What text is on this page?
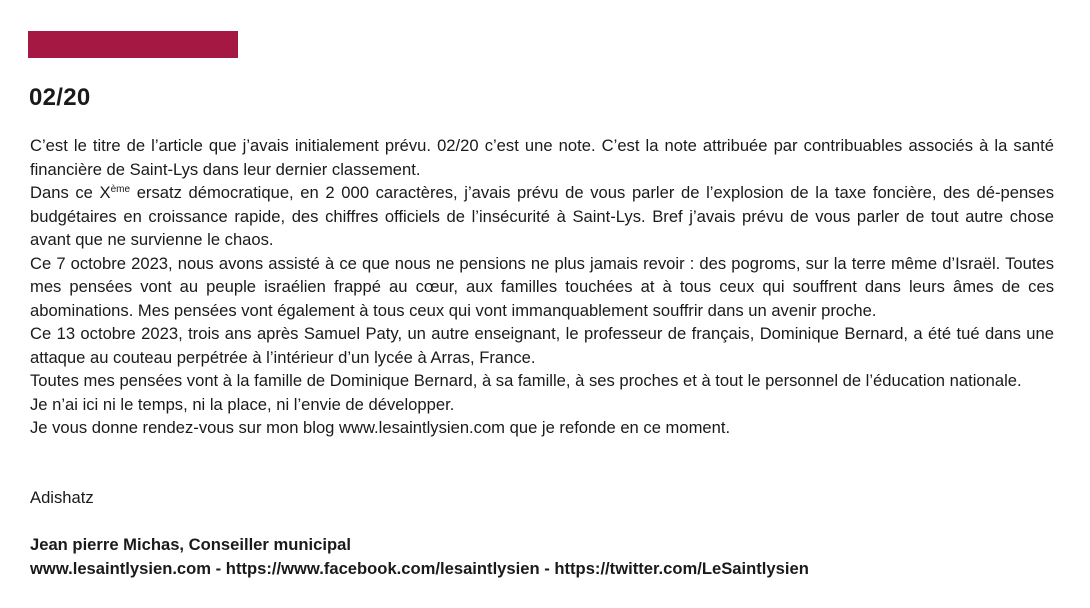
02/20

C’est le titre de l’article que j’avais initialement prévu. 02/20 c’est une note. C’est la note attribuée par contribuables associés à la santé financière de Saint-Lys dans leur dernier classement.

Dans ce Xème ersatz démocratique, en 2 000 caractères, j’avais prévu de vous parler de l’explosion de la taxe foncière, des dé-penses budgétaires en croissance rapide, des chiffres officiels de l’insécurité à Saint-Lys. Bref j’avais prévu de vous parler de tout autre chose avant que ne survienne le chaos.

Ce 7 octobre 2023, nous avons assisté à ce que nous ne pensions ne plus jamais revoir : des pogroms, sur la terre même d’Israël. Toutes mes pensées vont au peuple israélien frappé au cœur, aux familles touchées at à tous ceux qui souffrent dans leurs âmes de ces abominations. Mes pensées vont également à tous ceux qui vont immanquablement souffrir dans un avenir proche.

Ce 13 octobre 2023, trois ans après Samuel Paty, un autre enseignant, le professeur de français, Dominique Bernard, a été tué dans une attaque au couteau perpétrée à l’intérieur d’un lycée à Arras, France.

Toutes mes pensées vont à la famille de Dominique Bernard, à sa famille, à ses proches et à tout le personnel de l’éducation nationale.

Je n’ai ici ni le temps, ni la place, ni l’envie de développer.

Je vous donne rendez-vous sur mon blog www.lesaintlysien.com que je refonde en ce moment.

Adishatz
Jean pierre Michas, Conseiller municipal
www.lesaintlysien.com - https://www.facebook.com/lesaintlysien - https://twitter.com/LeSaintlysien
